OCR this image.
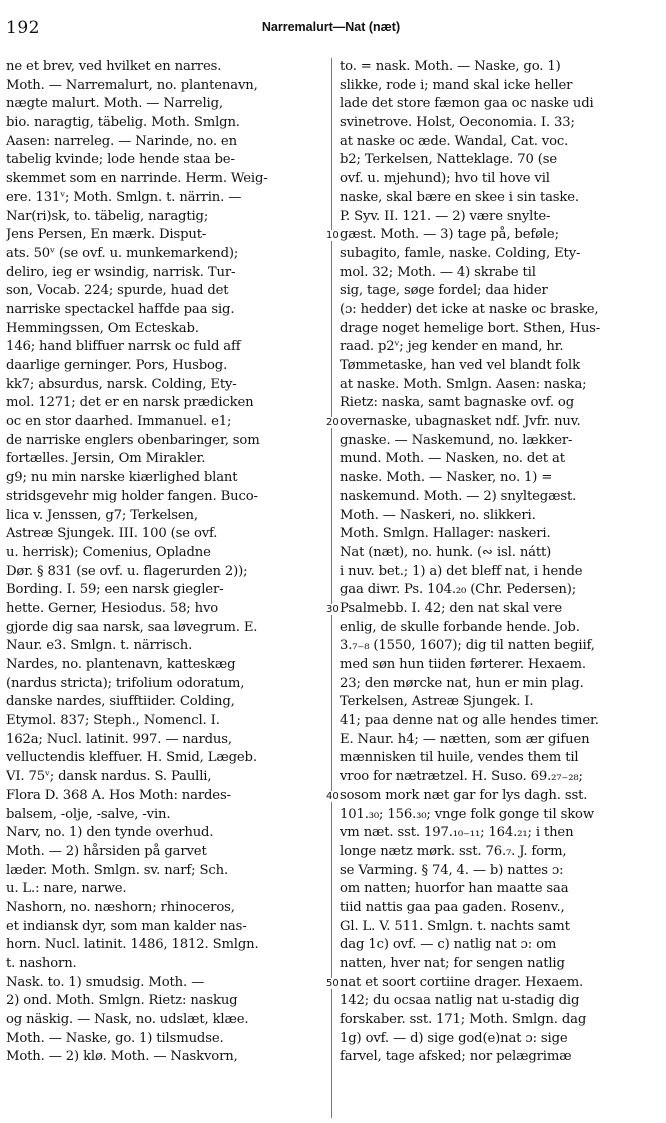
192	Narremalurt—Nat (næt)
ne et brev, ved hvilket en narres.
Moth. — Narremalurt, no. plantenavn,
nægte malurt. Moth. — Narrelig,
bio. naragtig, täbelig. Moth. Smlgn.
Aasen: narreleg. — Narinde, no. en
tabelig kvinde; lode hende staa be-
skemmet som en narrinde. Herm. Weig-
ere. 131ᵛ; Moth. Smlgn. t. närrin. —
Nar(ri)sk, to. täbelig, naragtig;
Jens Persen, En mærk. Disput-
ats. 50ᵛ (se ovf. u. munkemarkend);
deliro, ieg er wsindig, narrisk. Tur-
son, Vocab. 224; spurde, huad det
narriske spectackel haffde paa sig.
Hemmingssen, Om Ecteskab.
146; hand bliffuer narrsk oc fuld aff
daarlige gerninger. Pors, Husbog.
kk7; absurdus, narsk. Colding, Ety-
mol. 1271; det er en narsk prædicken
oc en stor daarhed. Immanuel. e1;
de narriske englers obenbaringer, som
fortælles. Jersin, Om Mirakler.
g9; nu min narske kiærlighed blant
stridsgevehr mig holder fangen. Buco-
lica v. Jenssen, g7; Terkelsen,
Astreæ Sjungek. III. 100 (se ovf.
u. herrisk); Comenius, Opladne
Dør. § 831 (se ovf. u. flagerurden 2));
Bording. I. 59; een narsk giegler-
hette. Gerner, Hesiodus. 58; hvo
gjorde dig saa narsk, saa løvegrum. E.
Naur. e3. Smlgn. t. närrisch.
Nardes, no. plantenavn, katteskæg
(nardus stricta); trifolium odoratum,
danske nardes, siufftiider. Colding,
Etymol. 837; Steph., Nomencl. I.
162a; Nucl. latinit. 997. — nardus,
velluctendis kleffuer. H. Smid, Lægeb.
VI. 75ᵛ; dansk nardus. S. Paulli,
Flora D. 368 A. Hos Moth: nardes-
balsem, -olje, -salve, -vin.
Narv, no. 1) den tynde overhud.
Moth. — 2) hårsiden på garvet
læder. Moth. Smlgn. sv. narf; Sch.
u. L.: nare, narwe.
Nashorn, no. næshorn; rhinoceros,
et indiansk dyr, som man kalder nas-
horn. Nucl. latinit. 1486, 1812. Smlgn.
t. nashorn.
Nask. to. 1) smudsig. Moth. —
2) ond. Moth. Smlgn. Rietz: naskug
og näskig. — Nask, no. udslæt, klæe.
Moth. — Naske, go. 1) tilsmudse.
Moth. — 2) klø. Moth. — Naskvorn,
to. = nask. Moth. — Naske, go. 1)
slikke, rode i; mand skal icke heller
lade det store fæmon gaa oc naske udi
svinetrove. Holst, Oeconomia. I. 33;
at naske oc æde. Wandal, Cat. voc.
b2; Terkelsen, Natteklage. 70 (se
ovf. u. mjehund); hvo til hove vil
naske, skal bære en skee i sin taske.
P. Syv. II. 121. — 2) være snylte-
gæst. Moth. — 3) tage på, beføle;
subagito, famle, naske. Colding, Ety-
mol. 32; Moth. — 4) skrabe til
sig, tage, søge fordel; daa hider
(ɔ: hedder) det icke at naske oc braske,
drage noget hemelige bort. Sthen, Hus-
raad. p2ᵛ; jeg kender en mand, hr.
Tømmetaske, han ved vel blandt folk
at naske. Moth. Smlgn. Aasen: naska;
Rietz: naska, samt bagnaske ovf. og
overnaske, ubagnasket ndf. Jvfr. nuv.
gnaske. — Naskemund, no. lækker-
mund. Moth. — Nasken, no. det at
naske. Moth. — Nasker, no. 1) =
naskemund. Moth. — 2) snyltegæst.
Moth. — Naskeri, no. slikkeri.
Moth. Smlgn. Hallager: naskeri.
Nat (næt), no. hunk. (∾ isl. nátt)
i nuv. bet.; 1) a) det bleff nat, i hende
gaa diwr. Ps. 104.₂₀ (Chr. Pedersen);
Psalmebb. I. 42; den nat skal vere
enlig, de skulle forbande hende. Job.
3.₇₋₈ (1550, 1607); dig til natten begiif,
med søn hun tiiden førterer. Hexaem.
23; den mørcke nat, hun er min plag.
Terkelsen, Astreæ Sjungek. I.
41; paa denne nat og alle hendes timer.
E. Naur. h4; — nætten, som ær gifuen
mænnisken til huile, vendes them til
vroo for nætrætzel. H. Suso. 69.₂₇₋₂₈;
sosom mork næt gar for lys dagh. sst.
101.₃₀; 156.₃₀; vnge folk gonge til skow
vm næt. sst. 197.₁₀₋₁₁; 164.₂₁; i then
longe nætz mørk. sst. 76.₇. J. form,
se Varming. § 74, 4. — b) nattes ɔ:
om natten; huorfor han maatte saa
tiid nattis gaa paa gaden. Rosenv.,
Gl. L. V. 511. Smlgn. t. nachts samt
dag 1c) ovf. — c) natlig nat ɔ: om
natten, hver nat; for sengen natlig
nat et soort cortiine drager. Hexaem.
142; du ocsaa natlig nat u-stadig dig
forskaber. sst. 171; Moth. Smlgn. dag
1g) ovf. — d) sige god(e)nat ɔ: sige
farvel, tage afsked; nor pelægrimæ
10
20
30
40
50
